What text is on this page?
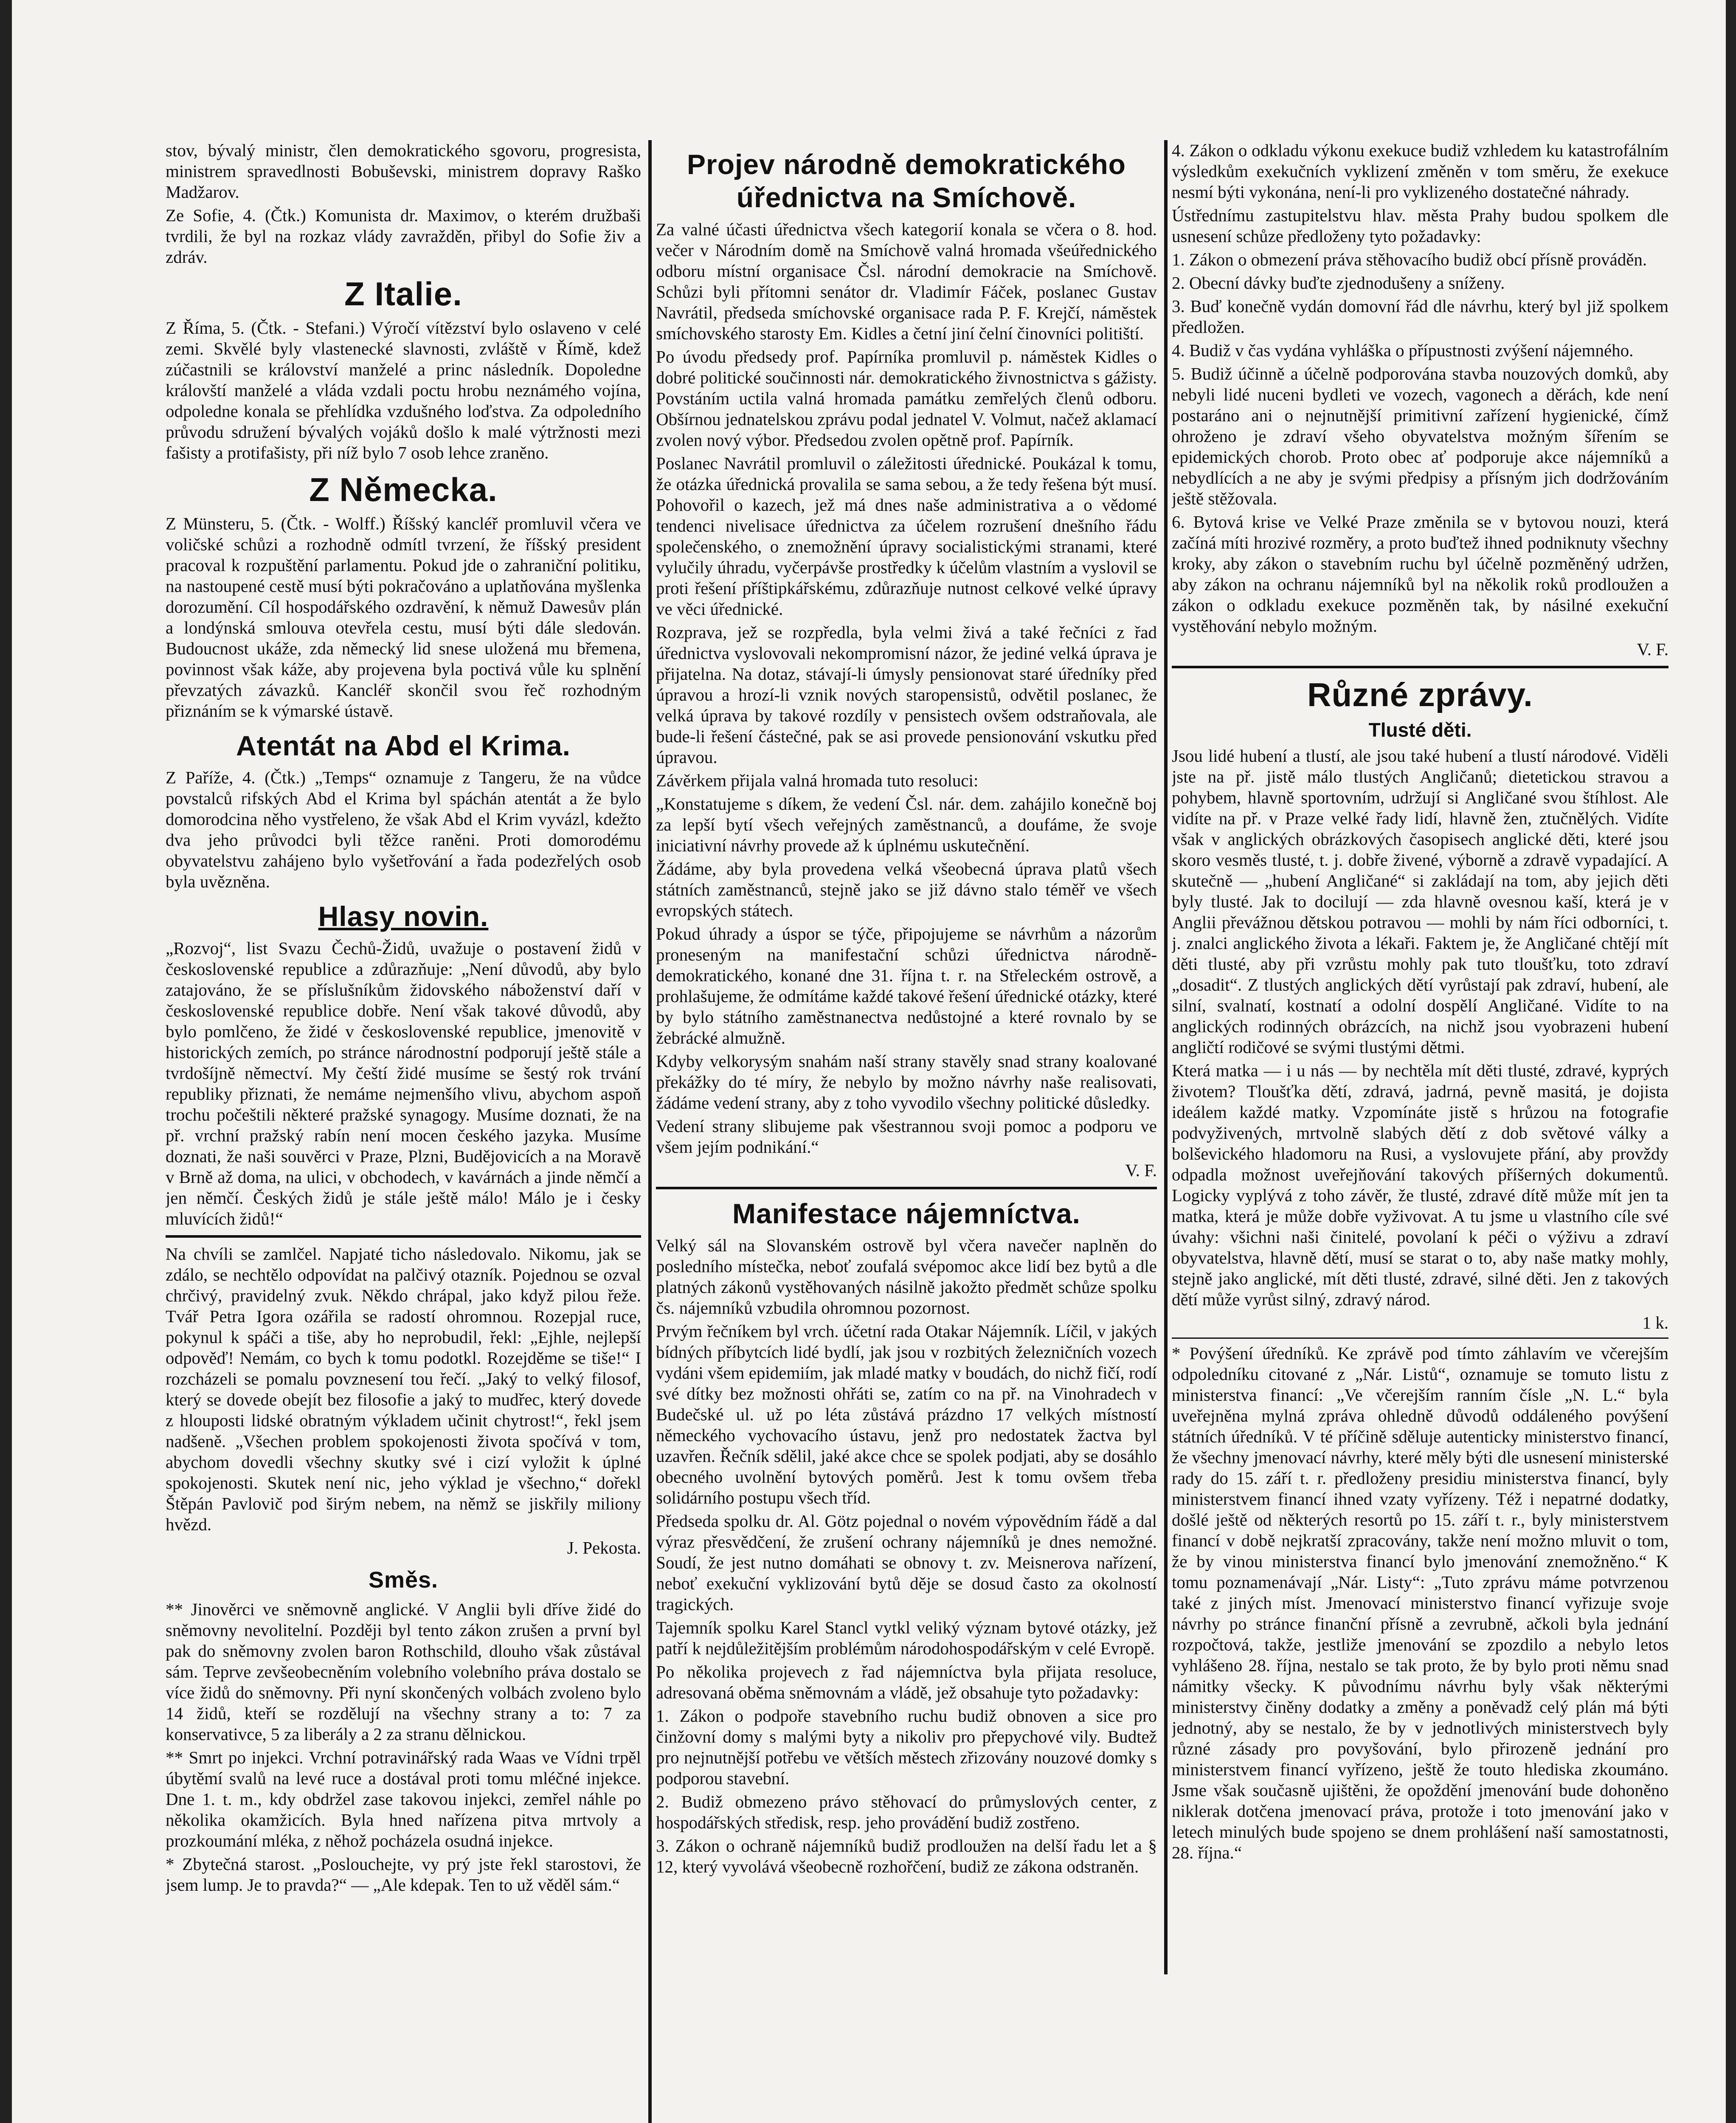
stov, bývalý ministr, člen demokratického sgovoru, progresista, ministrem spravedlnosti Bobuševski, ministrem dopravy Raško Madžarov.

Ze Sofie, 4. (Čtk.) Komunista dr. Maximov, o kterém družbaši tvrdili, že byl na rozkaz vlády zavražděn, přibyl do Sofie živ a zdráv.

Z Italie.

Z Říma, 5. (Čtk. - Stefani.) Výročí vítězství bylo oslaveno v celé zemi. Skvělé byly vlastenecké slavnosti, zvláště v Římě, kdež zúčastnili se království manželé a princ následník. Dopoledne královští manželé a vláda vzdali poctu hrobu neznámého vojína, odpoledne konala se přehlídka vzdušného loďstva. Za odpoledního průvodu sdružení bývalých vojáků došlo k malé výtržnosti mezi fašisty a protifašisty, při níž bylo 7 osob lehce zraněno.

Z Německa.

Z Münsteru, 5. (Čtk. - Wolff.) Říšský kancléř promluvil včera ve voličské schůzi a rozhodně odmítl tvrzení, že říšský president pracoval k rozpuštění parlamentu. Pokud jde o zahraniční politiku, na nastoupené cestě musí býti pokračováno a uplatňována myšlenka dorozumění. Cíl hospodářského ozdravění, k němuž Dawesův plán a londýnská smlouva otevřela cestu, musí býti dále sledován. Budoucnost ukáže, zda německý lid snese uložená mu břemena, povinnost však káže, aby projevena byla poctivá vůle ku splnění převzatých závazků. Kancléř skončil svou řeč rozhodným přiznáním se k výmarské ústavě.

Atentát na Abd el Krima.

Z Paříže, 4. (Čtk.) „Temps“ oznamuje z Tangeru, že na vůdce povstalců rifských Abd el Krima byl spáchán atentát a že bylo domorodcina něho vystřeleno, že však Abd el Krim vyvázl, kdežto dva jeho průvodci byli těžce raněni. Proti domorodému obyvatelstvu zahájeno bylo vyšetřování a řada podezřelých osob byla uvězněna.

Hlasy novin.

„Rozvoj“, list Svazu Čechů-Židů, uvažuje o postavení židů v československé republice a zdůrazňuje: „Není důvodů, aby bylo zatajováno, že se příslušníkům židovského náboženství daří v československé republice dobře. Není však takové důvodů, aby bylo pomlčeno, že židé v československé republice, jmenovitě v historických zemích, po stránce národnostní podporují ještě stále a tvrdošíjně němectví. My čeští židé musíme se šestý rok trvání republiky přiznati, že nemáme nejmenšího vlivu, abychom aspoň trochu počeštili některé pražské synagogy. Musíme doznati, že na př. vrchní pražský rabín není mocen českého jazyka. Musíme doznati, že naši souvěrci v Praze, Plzni, Budějovicích a na Moravě v Brně až doma, na ulici, v obchodech, v kavárnách a jinde němčí a jen němčí. Českých židů je stále ještě málo! Málo je i česky mluvících židů!“

Na chvíli se zamlčel. Napjaté ticho následovalo. Nikomu, jak se zdálo, se nechtělo odpovídat na palčivý otazník. Pojednou se ozval chrčivý, pravidelný zvuk. Někdo chrápal, jako když pilou řeže. Tvář Petra Igora ozářila se radostí ohromnou. Rozepjal ruce, pokynul k spáči a tiše, aby ho neprobudil, řekl: „Ejhle, nejlepší odpověď! Nemám, co bych k tomu podotkl. Rozejděme se tiše!“ I rozcházeli se pomalu povznesení tou řečí. „Jaký to velký filosof, který se dovede obejít bez filosofie a jaký to mudřec, který dovede z hlouposti lidské obratným výkladem učinit chytrost!“, řekl jsem nadšeně. „Všechen problem spokojenosti života spočívá v tom, abychom dovedli všechny skutky své i cizí vyložit k úplné spokojenosti. Skutek není nic, jeho výklad je všechno,“ dořekl Štěpán Pavlovič pod širým nebem, na němž se jiskřily miliony hvězd.

J. Pekosta.
Směs.

** Jinověrci ve sněmovně anglické. V Anglii byli dříve židé do sněmovny nevolitelní. Později byl tento zákon zrušen a první byl pak do sněmovny zvolen baron Rothschild, dlouho však zůstával sám. Teprve zevšeobecněním volebního volebního práva dostalo se více židů do sněmovny. Při nyní skončených volbách zvoleno bylo 14 židů, kteří se rozdělují na všechny strany a to: 7 za konservativce, 5 za liberály a 2 za stranu dělnickou.

** Smrt po injekci. Vrchní potravinářský rada Waas ve Vídni trpěl úbytěmí svalů na levé ruce a dostával proti tomu mléčné injekce. Dne 1. t. m., kdy obdržel zase takovou injekci, zemřel náhle po několika okamžicích. Byla hned nařízena pitva mrtvoly a prozkoumání mléka, z něhož pocházela osudná injekce.

* Zbytečná starost. „Poslouchejte, vy prý jste řekl starostovi, že jsem lump. Je to pravda?“ — „Ale kdepak. Ten to už věděl sám.“

Projev národně demokratického úřednictva na Smíchově.

Za valné účasti úřednictva všech kategorií konala se včera o 8. hod. večer v Národním domě na Smíchově valná hromada všeúřednického odboru místní organisace Čsl. národní demokracie na Smíchově. Schůzi byli přítomni senátor dr. Vladimír Fáček, poslanec Gustav Navrátil, předseda smíchovské organisace rada P. F. Krejčí, náměstek smíchovského starosty Em. Kidles a četní jiní čelní činovníci politiští.

Po úvodu předsedy prof. Papírníka promluvil p. náměstek Kidles o dobré politické součinnosti nár. demokratického živnostnictva s gážisty. Povstáním uctila valná hromada památku zemřelých členů odboru. Obšírnou jednatelskou zprávu podal jednatel V. Volmut, načež aklamací zvolen nový výbor. Předsedou zvolen opětně prof. Papírník.

Poslanec Navrátil promluvil o záležitosti úřednické. Poukázal k tomu, že otázka úřednická provalila se sama sebou, a že tedy řešena být musí. Pohovořil o kazech, jež má dnes naše administrativa a o vědomé tendenci nivelisace úřednictva za účelem rozrušení dnešního řádu společenského, o znemožnění úpravy socialistickými stranami, které vylučily úhradu, vyčerpávše prostředky k účelům vlastním a vyslovil se proti řešení příštipkářskému, zdůrazňuje nutnost celkové velké úpravy ve věci úřednické.

Rozprava, jež se rozpředla, byla velmi živá a také řečníci z řad úřednictva vyslovovali nekompromisní názor, že jediné velká úprava je přijatelna. Na dotaz, stávají-li úmysly pensionovat staré úředníky před úpravou a hrozí-li vznik nových staropensistů, odvětil poslanec, že velká úprava by takové rozdíly v pensistech ovšem odstraňovala, ale bude-li řešení částečné, pak se asi provede pensionování vskutku před úpravou.

Závěrkem přijala valná hromada tuto resoluci:

„Konstatujeme s díkem, že vedení Čsl. nár. dem. zahájilo konečně boj za lepší bytí všech veřejných zaměstnanců, a doufáme, že svoje iniciativní návrhy provede až k úplnému uskutečnění.

Žádáme, aby byla provedena velká všeobecná úprava platů všech státních zaměstnanců, stejně jako se již dávno stalo téměř ve všech evropských státech.

Pokud úhrady a úspor se týče, připojujeme se návrhům a názorům proneseným na manifestační schůzi úřednictva národně-demokratického, konané dne 31. října t. r. na Střeleckém ostrově, a prohlašujeme, že odmítáme každé takové řešení úřednické otázky, které by bylo státního zaměstnanectva nedůstojné a které rovnalo by se žebrácké almužně.

Kdyby velkorysým snahám naší strany stavěly snad strany koalované překážky do té míry, že nebylo by možno návrhy naše realisovati, žádáme vedení strany, aby z toho vyvodilo všechny politické důsledky.

Vedení strany slibujeme pak všestrannou svoji pomoc a podporu ve všem jejím podnikání.“

V. F.
Manifestace nájemníctva.

Velký sál na Slovanském ostrově byl včera navečer naplněn do posledního místečka, neboť zoufalá svépomoc akce lidí bez bytů a dle platných zákonů vystěhovaných násilně jakožto předmět schůze spolku čs. nájemníků vzbudila ohromnou pozornost.

Prvým řečníkem byl vrch. účetní rada Otakar Nájemník. Líčil, v jakých bídných příbytcích lidé bydlí, jak jsou v rozbitých železničních vozech vydáni všem epidemiím, jak mladé matky v boudách, do nichž fičí, rodí své dítky bez možnosti ohřáti se, zatím co na př. na Vinohradech v Budečské ul. už po léta zůstává prázdno 17 velkých místností německého vychovacího ústavu, jenž pro nedostatek žactva byl uzavřen. Řečník sdělil, jaké akce chce se spolek podjati, aby se dosáhlo obecného uvolnění bytových poměrů. Jest k tomu ovšem třeba solidárního postupu všech tříd.

Předseda spolku dr. Al. Götz pojednal o novém výpovědním řádě a dal výraz přesvědčení, že zrušení ochrany nájemníků je dnes nemožné. Soudí, že jest nutno domáhati se obnovy t. zv. Meisnerova nařízení, neboť exekuční vyklizování bytů děje se dosud často za okolností tragických.

Tajemník spolku Karel Stancl vytkl veliký význam bytové otázky, jež patří k nejdůležitějším problémům národohospodářským v celé Evropě.

Po několika projevech z řad nájemníctva byla přijata resoluce, adresovaná oběma sněmovnám a vládě, jež obsahuje tyto požadavky:

1. Zákon o podpoře stavebního ruchu budiž obnoven a sice pro činžovní domy s malými byty a nikoliv pro přepychové vily. Budtež pro nejnutnější potřebu ve větších městech zřizovány nouzové domky s podporou stavební.

2. Budiž obmezeno právo stěhovací do průmyslových center, z hospodářských středisk, resp. jeho provádění budiž zostřeno.

3. Zákon o ochraně nájemníků budiž prodloužen na delší řadu let a § 12, který vyvolává všeobecně rozhořčení, budiž ze zákona odstraněn.

4. Zákon o odkladu výkonu exekuce budiž vzhledem ku katastrofálním výsledkům exekučních vyklizení změněn v tom směru, že exekuce nesmí býti vykonána, není-li pro vyklizeného dostatečné náhrady.

Ústřednímu zastupitelstvu hlav. města Prahy budou spolkem dle usnesení schůze předloženy tyto požadavky:

1. Zákon o obmezení práva stěhovacího budiž obcí přísně prováděn.

2. Obecní dávky buďte zjednodušeny a sníženy.

3. Buď konečně vydán domovní řád dle návrhu, který byl již spolkem předložen.

4. Budiž v čas vydána vyhláška o přípustnosti zvýšení nájemného.

5. Budiž účinně a účelně podporována stavba nouzových domků, aby nebyli lidé nuceni bydleti ve vozech, vagonech a děrách, kde není postaráno ani o nejnutnější primitivní zařízení hygienické, čímž ohroženo je zdraví všeho obyvatelstva možným šířením se epidemických chorob. Proto obec ať podporuje akce nájemníků a nebydlících a ne aby je svými předpisy a přísným jich dodržováním ještě stěžovala.

6. Bytová krise ve Velké Praze změnila se v bytovou nouzi, která začíná míti hrozivé rozměry, a proto buďtež ihned podniknuty všechny kroky, aby zákon o stavebním ruchu byl účelně pozměněný udržen, aby zákon na ochranu nájemníků byl na několik roků prodloužen a zákon o odkladu exekuce pozměněn tak, by násilné exekuční vystěhování nebylo možným.

V. F.
Různé zprávy.
Tlusté děti.

Jsou lidé hubení a tlustí, ale jsou také hubení a tlustí národové. Viděli jste na př. jistě málo tlustých Angličanů; dietetickou stravou a pohybem, hlavně sportovním, udržují si Angličané svou štíhlost. Ale vidíte na př. v Praze velké řady lidí, hlavně žen, ztučnělých. Vidíte však v anglických obrázkových časopisech anglické děti, které jsou skoro vesměs tlusté, t. j. dobře živené, výborně a zdravě vypadající. A skutečně — „hubení Angličané“ si zakládají na tom, aby jejich děti byly tlusté. Jak to docilují — zda hlavně ovesnou kaší, která je v Anglii převážnou dětskou potravou — mohli by nám říci odborníci, t. j. znalci anglického života a lékaři. Faktem je, že Angličané chtějí mít děti tlusté, aby při vzrůstu mohly pak tuto tloušťku, toto zdraví „dosadit“. Z tlustých anglických dětí vyrůstají pak zdraví, hubení, ale silní, svalnatí, kostnatí a odolní dospělí Angličané. Vidíte to na anglických rodinných obrázcích, na nichž jsou vyobrazeni hubení angličtí rodičové se svými tlustými dětmi.

Která matka — i u nás — by nechtěla mít děti tlusté, zdravé, kyprých životem? Tloušťka dětí, zdravá, jadrná, pevně masitá, je dojista ideálem každé matky. Vzpomínáte jistě s hrůzou na fotografie podvyživených, mrtvolně slabých dětí z dob světové války a bolševického hladomoru na Rusi, a vyslovujete přání, aby provždy odpadla možnost uveřejňování takových příšerných dokumentů. Logicky vyplývá z toho závěr, že tlusté, zdravé dítě může mít jen ta matka, která je může dobře vyživovat. A tu jsme u vlastního cíle své úvahy: všichni naši činitelé, povolaní k péči o výživu a zdraví obyvatelstva, hlavně dětí, musí se starat o to, aby naše matky mohly, stejně jako anglické, mít děti tlusté, zdravé, silné děti. Jen z takových dětí může vyrůst silný, zdravý národ.

1 k.

* Povýšení úředníků. Ke zprávě pod tímto záhlavím ve včerejším odpoledníku citované z „Nár. Listů“, oznamuje se tomuto listu z ministerstva financí: „Ve včerejším ranním čísle „N. L.“ byla uveřejněna mylná zpráva ohledně důvodů oddáleného povýšení státních úředníků. V té příčině sděluje autenticky ministerstvo financí, že všechny jmenovací návrhy, které měly býti dle usnesení ministerské rady do 15. září t. r. předloženy presidiu ministerstva financí, byly ministerstvem financí ihned vzaty vyřízeny. Též i nepatrné dodatky, došlé ještě od některých resortů po 15. září t. r., byly ministerstvem financí v době nejkratší zpracovány, takže není možno mluvit o tom, že by vinou ministerstva financí bylo jmenování znemožněno.“ K tomu poznamenávají „Nár. Listy“: „Tuto zprávu máme potvrzenou také z jiných míst. Jmenovací ministerstvo financí vyřizuje svoje návrhy po stránce finanční přísně a zevrubně, ačkoli byla jednání rozpočtová, takže, jestliže jmenování se zpozdilo a nebylo letos vyhlášeno 28. října, nestalo se tak proto, že by bylo proti němu snad námitky všecky. K původnímu návrhu byly však některými ministerstvy činěny dodatky a změny a poněvadž celý plán má býti jednotný, aby se nestalo, že by v jednotlivých ministerstvech byly různé zásady pro povyšování, bylo přirozeně jednání pro ministerstvem financí vyřízeno, ještě že touto hlediska zkoumáno. Jsme však současně ujištěni, že opoždění jmenování bude dohoněno niklerak dotčena jmenovací práva, protože i toto jmenování jako v letech minulých bude spojeno se dnem prohlášení naší samostatnosti, 28. října.“
